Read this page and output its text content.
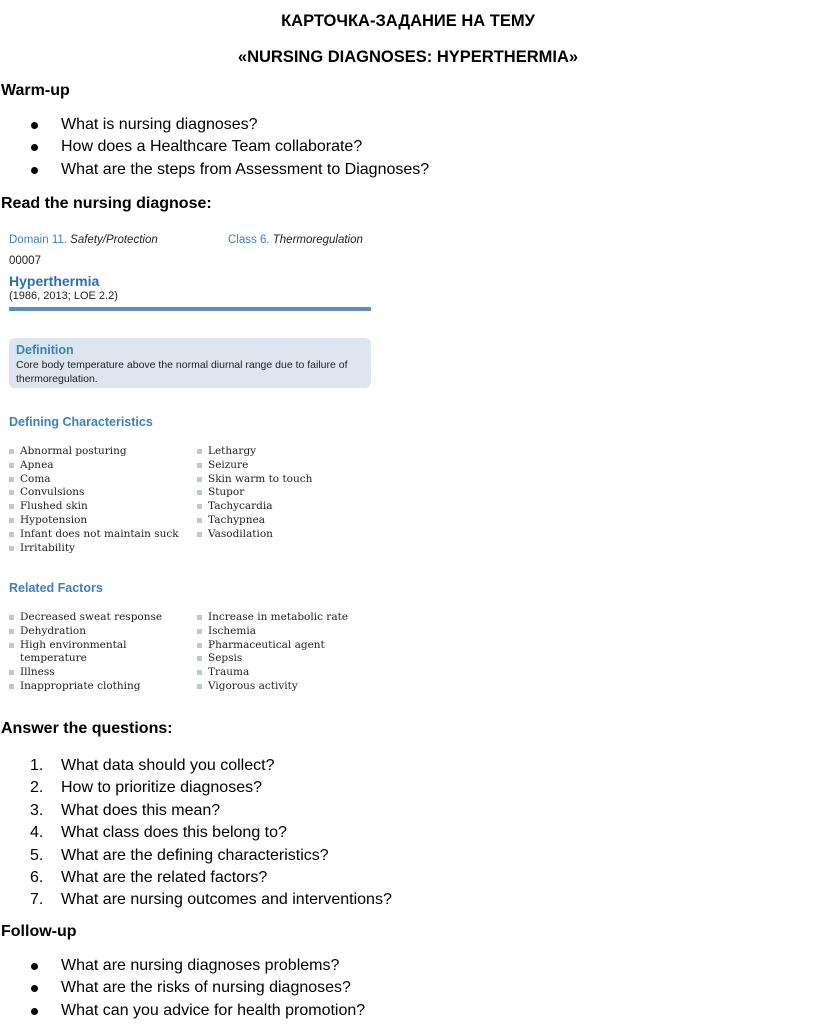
КАРТОЧКА-ЗАДАНИЕ НА ТЕМУ
«NURSING DIAGNOSES: HYPERTHERMIA»
Warm-up
What is nursing diagnoses?
How does a Healthcare Team collaborate?
What are the steps from Assessment to Diagnoses?
Read the nursing diagnose:
Domain 11. Safety/Protection	Class 6. Thermoregulation
00007
Hyperthermia
(1986, 2013; LOE 2.2)
Definition
Core body temperature above the normal diurnal range due to failure of thermoregulation.
Defining Characteristics
Abnormal posturing
Apnea
Coma
Convulsions
Flushed skin
Hypotension
Infant does not maintain suck
Irritability
Lethargy
Seizure
Skin warm to touch
Stupor
Tachycardia
Tachypnea
Vasodilation
Related Factors
Decreased sweat response
Dehydration
High environmental temperature
Illness
Inappropriate clothing
Increase in metabolic rate
Ischemia
Pharmaceutical agent
Sepsis
Trauma
Vigorous activity
Answer the questions:
1. What data should you collect?
2. How to prioritize diagnoses?
3. What does this mean?
4. What class does this belong to?
5. What are the defining characteristics?
6. What are the related factors?
7. What are nursing outcomes and interventions?
Follow-up
What are nursing diagnoses problems?
What are the risks of nursing diagnoses?
What can you advice for health promotion?
